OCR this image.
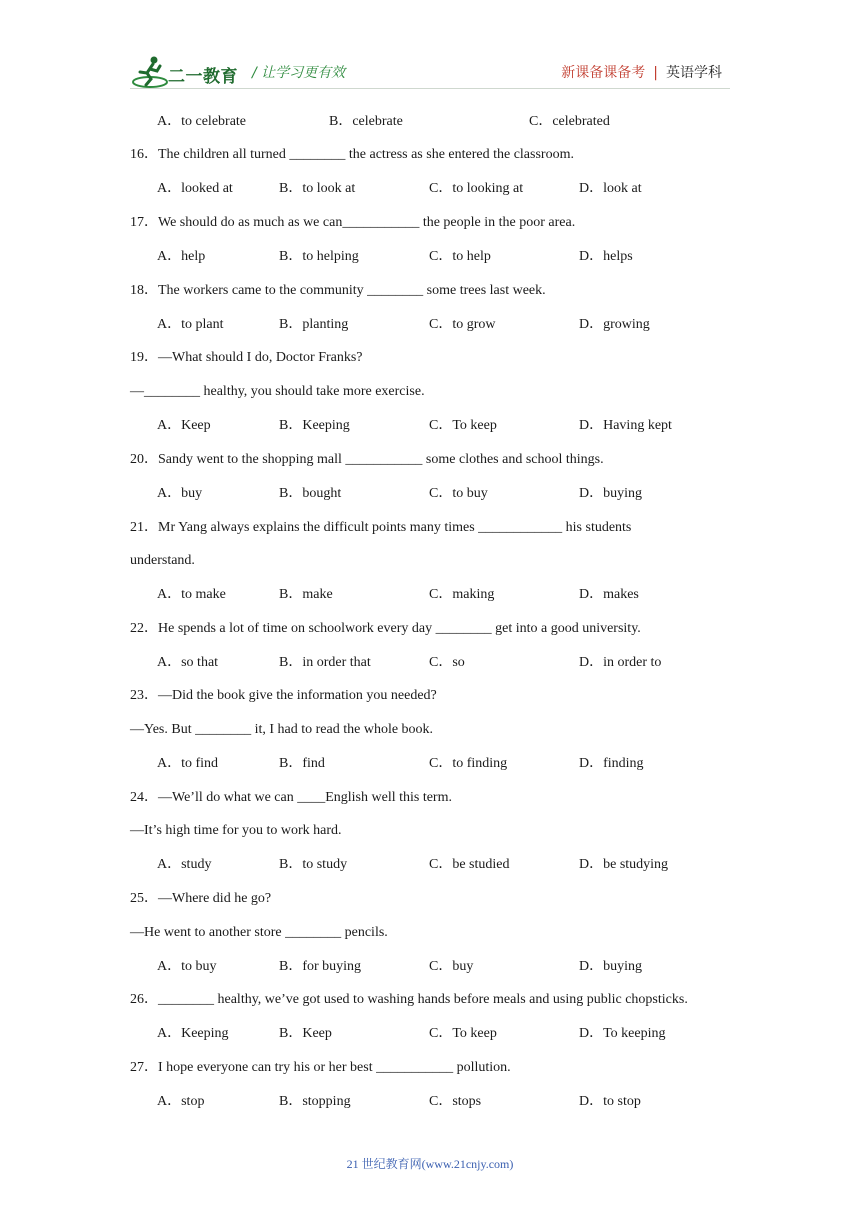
二一教育 / 让学习更有效	新课备课备考 | 英语学科
A．to celebrate	B．celebrate	C．celebrated
16．The children all turned ________ the actress as she entered the classroom.
A．looked at	B．to look at	C．to looking at	D．look at
17．We should do as much as we can___________ the people in the poor area.
A．help	B．to helping	C．to help	D．helps
18．The workers came to the community ________ some trees last week.
A．to plant	B．planting	C．to grow	D．growing
19．—What should I do, Doctor Franks?
—________ healthy, you should take more exercise.
A．Keep	B．Keeping	C．To keep	D．Having kept
20．Sandy went to the shopping mall ___________ some clothes and school things.
A．buy	B．bought	C．to buy	D．buying
21．Mr Yang always explains the difficult points many times ____________ his students
understand.
A．to make	B．make	C．making	D．makes
22．He spends a lot of time on schoolwork every day ________ get into a good university.
A．so that	B．in order that	C．so	D．in order to
23．—Did the book give the information you needed?
—Yes. But ________ it, I had to read the whole book.
A．to find	B．find	C．to finding	D．finding
24．—We’ll do what we can ____English well this term.
—It’s high time for you to work hard.
A．study	B．to study	C．be studied	D．be studying
25．—Where did he go?
—He went to another store ________ pencils.
A．to buy	B．for buying	C．buy	D．buying
26．________ healthy, we’ve got used to washing hands before meals and using public chopsticks.
A．Keeping	B．Keep	C．To keep	D．To keeping
27．I hope everyone can try his or her best ___________ pollution.
A．stop	B．stopping	C．stops	D．to stop
21 世纪教育网(www.21cnjy.com)
